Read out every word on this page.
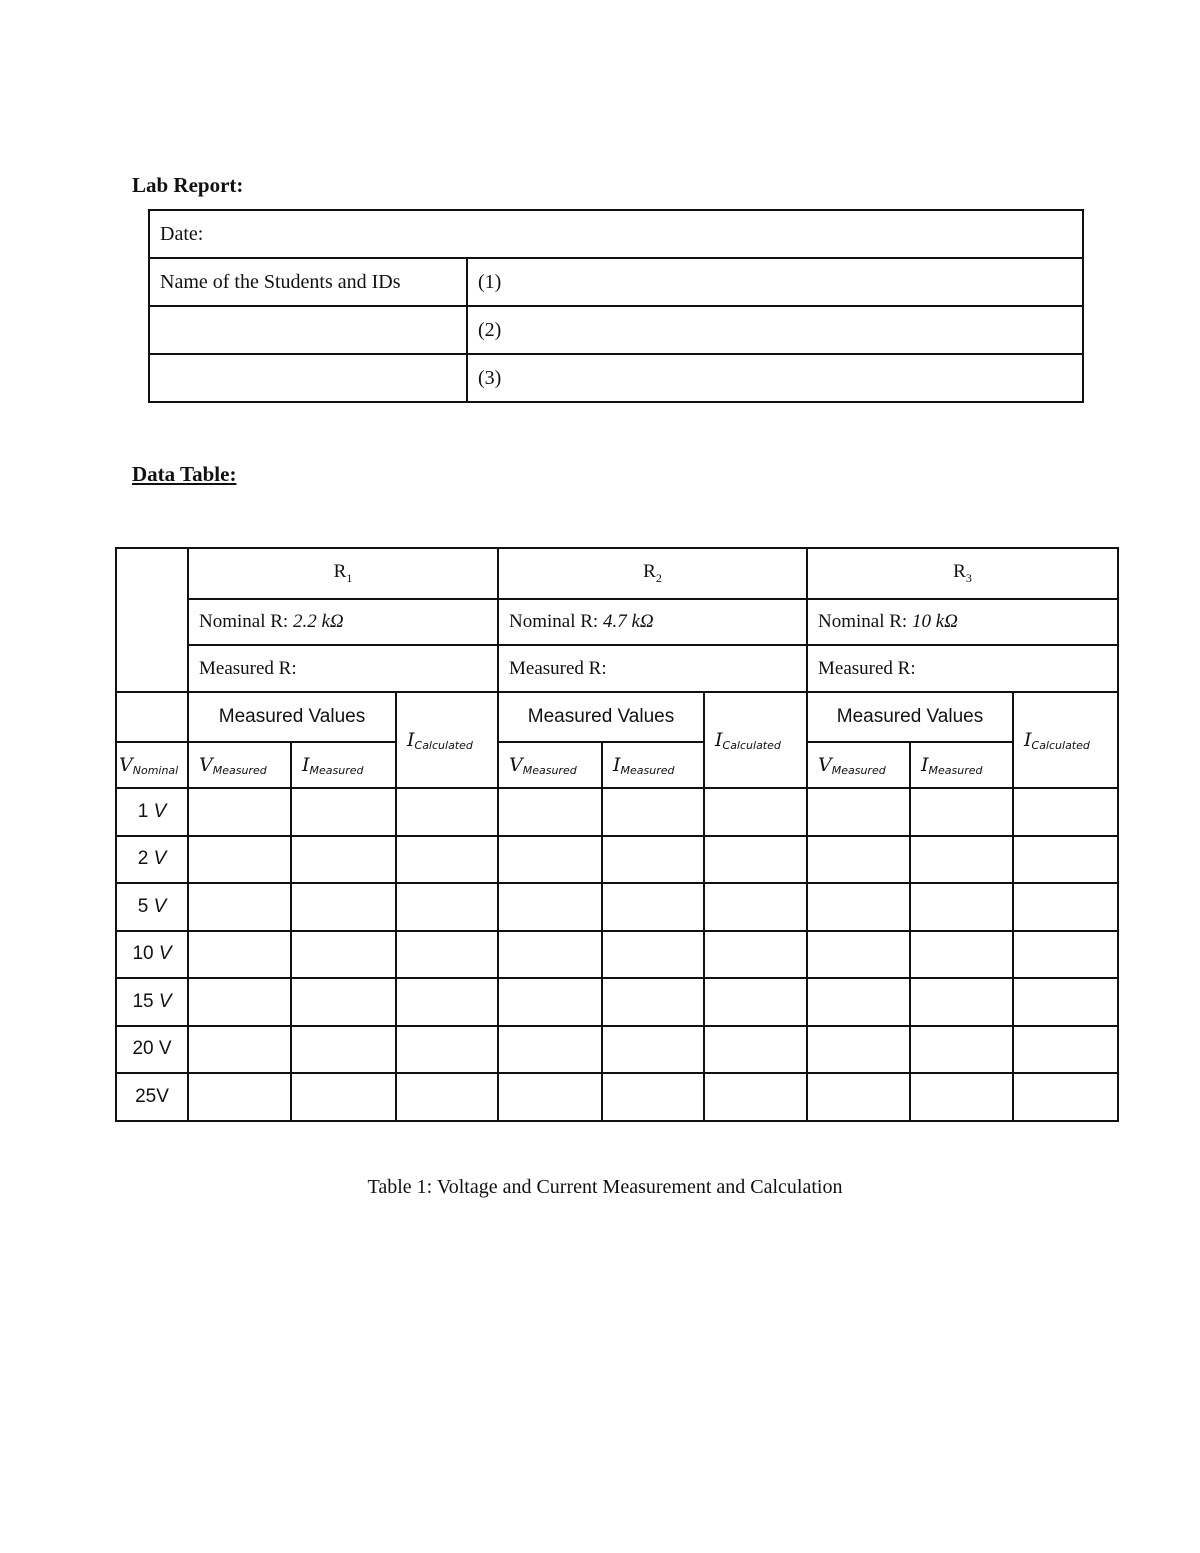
Lab Report:
Date:	
Name of the Students and IDs	(1)
	(2)
	(3)
Data Table:
	$R_1$			$R_2$			$R_3$
	Nominal R: 2.2 kΩ			Nominal R: 4.7 kΩ			Nominal R: 10 kΩ		
	Measured R:			Measured R:			Measured R:		
	Measured Values		$I_{Calculated}$	Measured Values		$I_{Calculated}$	Measured Values		$I_{Calculated}$
$V_{Nominal}$	$V_{Measured}$	$I_{Measured}$		$V_{Measured}$	$I_{Measured}$		$V_{Measured}$	$I_{Measured}$
1 V									
2 V									
5 V									
10 V									
15 V									
20 V									
25V									
Table 1: Voltage and Current Measurement and Calculation
